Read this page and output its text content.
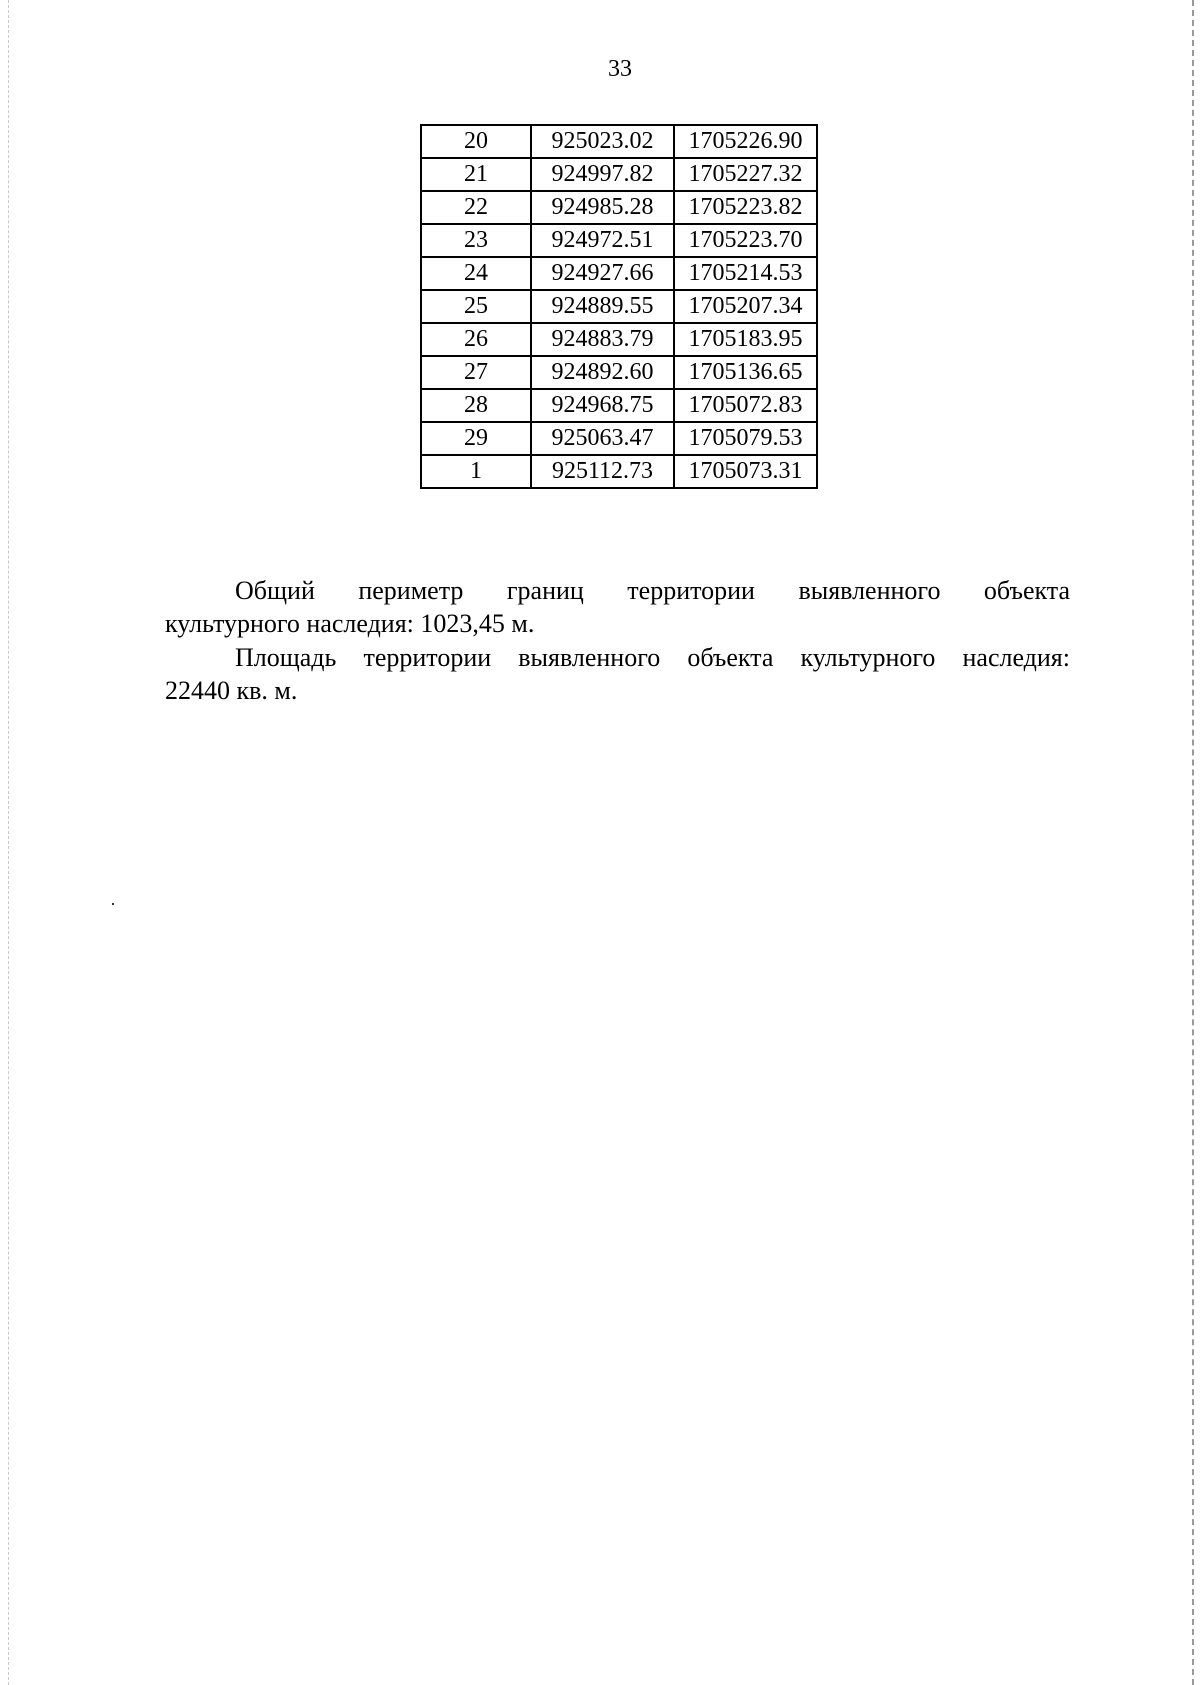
33
20	925023.02	1705226.90
21	924997.82	1705227.32
22	924985.28	1705223.82
23	924972.51	1705223.70
24	924927.66	1705214.53
25	924889.55	1705207.34
26	924883.79	1705183.95
27	924892.60	1705136.65
28	924968.75	1705072.83
29	925063.47	1705079.53
1	925112.73	1705073.31
Общий периметр границ территории выявленного объекта
культурного наследия: 1023,45 м.
Площадь территории выявленного объекта культурного наследия:
22440 кв. м.
